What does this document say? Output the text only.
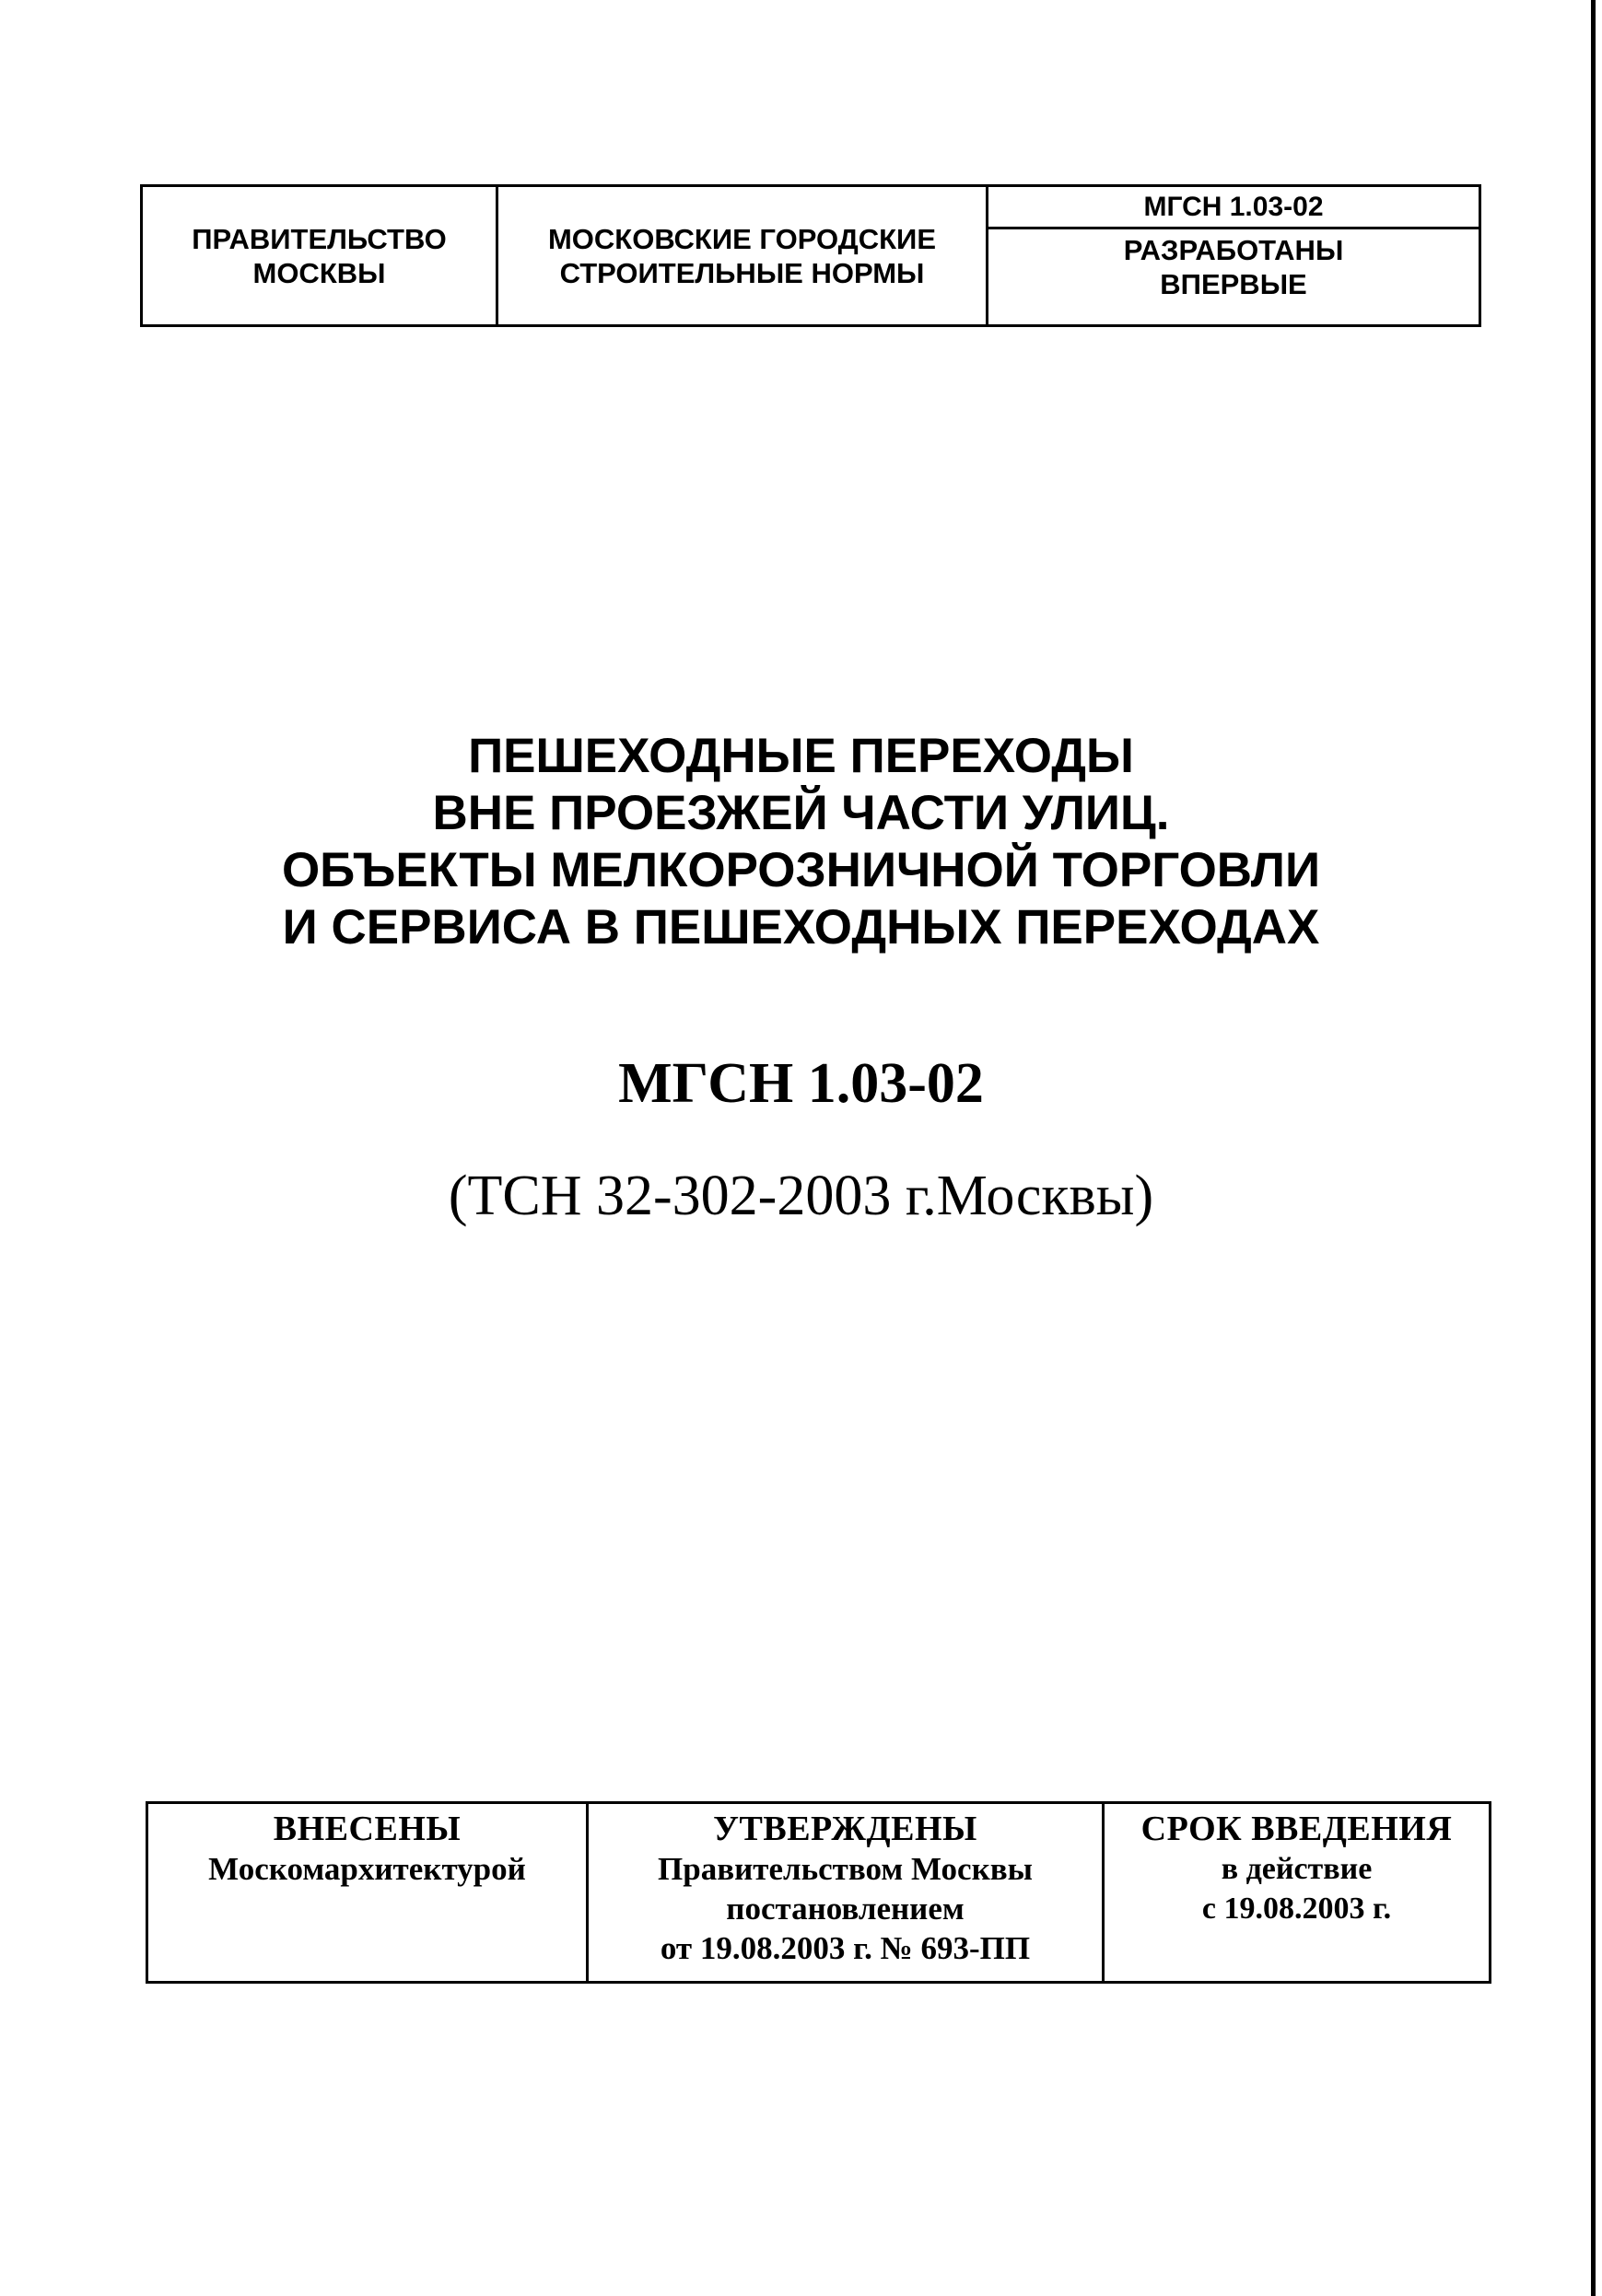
ПРАВИТЕЛЬСТВО
МОСКВЫ
МОСКОВСКИЕ ГОРОДСКИЕ
СТРОИТЕЛЬНЫЕ НОРМЫ
МГСН 1.03-02
РАЗРАБОТАНЫ
ВПЕРВЫЕ
ПЕШЕХОДНЫЕ ПЕРЕХОДЫ
ВНЕ ПРОЕЗЖЕЙ ЧАСТИ УЛИЦ.
ОБЪЕКТЫ МЕЛКОРОЗНИЧНОЙ ТОРГОВЛИ
И СЕРВИСА В ПЕШЕХОДНЫХ ПЕРЕХОДАХ
МГСН 1.03-02
(ТСН 32-302-2003 г.Москвы)
ВНЕСЕНЫ
Москомархитектурой
УТВЕРЖДЕНЫ
Правительством Москвы
постановлением
от 19.08.2003 г. № 693-ПП
СРОК ВВЕДЕНИЯ
в действие
с 19.08.2003 г.
